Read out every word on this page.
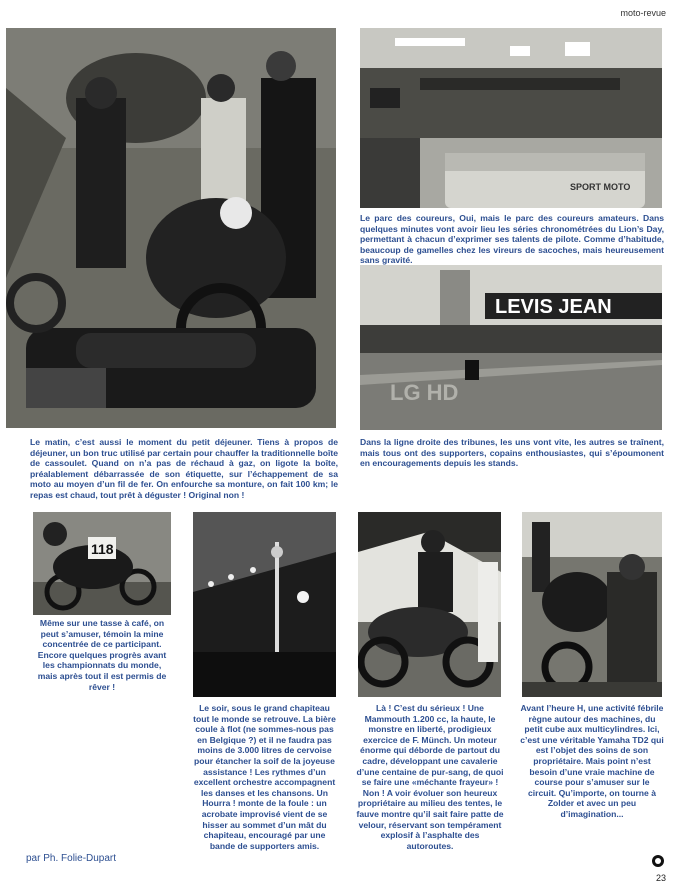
moto-revue
SPORT MOTO

Le parc des coureurs, Oui, mais le parc des coureurs amateurs. Dans quelques minutes vont avoir lieu les séries chronométrées du Lion’s Day, permettant à chacun d’exprimer ses talents de pilote. Comme d’habitude, beaucoup de gamelles chez les vireurs de sacoches, mais heureusement sans gravité.

LEVIS JEAN
LG HD

Dans la ligne droite des tribunes, les uns vont vite, les autres se traînent, mais tous ont des supporters, copains enthousiastes, qui s’époumonent en encouragements depuis les stands.

Le matin, c’est aussi le moment du petit déjeuner. Tiens à propos de déjeuner, un bon truc utilisé par certain pour chauffer la traditionnelle boîte de cassoulet. Quand on n’a pas de réchaud à gaz, on ligote la boîte, préalablement débarrassée de son étiquette, sur l’échappement de sa moto au moyen d’un fil de fer. On enfourche sa monture, on fait 100 km; le repas est chaud, tout prêt à déguster ! Original non !

118

Même sur une tasse à café, on peut s’amuser, témoin la mine concentrée de ce participant. Encore quelques progrès avant les championnats du monde, mais après tout il est permis de rêver !

Le soir, sous le grand chapiteau tout le monde se retrouve. La bière coule à flot (ne sommes-nous pas en Belgique ?) et il ne faudra pas moins de 3.000 litres de cervoise pour étancher la soif de la joyeuse assistance ! Les rythmes d’un excellent orchestre accompagnent les danses et les chansons. Un Hourra ! monte de la foule : un acrobate improvisé vient de se hisser au sommet d’un mât du chapiteau, encouragé par une bande de supporters amis.

Là ! C’est du sérieux ! Une Mammouth 1.200 cc, la haute, le monstre en liberté, prodigieux exercice de F. Münch. Un moteur énorme qui déborde de partout du cadre, développant une cavalerie d’une centaine de pur-sang, de quoi se faire une «méchante frayeur» ! Non ! A voir évoluer son heureux propriétaire au milieu des tentes, le fauve montre qu’il sait faire patte de velour, réservant son tempérament explosif à l’asphalte des autoroutes.

Avant l’heure H, une activité fébrile règne autour des machines, du petit cube aux multicylindres. Ici, c’est une véritable Yamaha TD2 qui est l’objet des soins de son propriétaire. Mais point n’est besoin d’une vraie machine de course pour s’amuser sur le circuit. Qu’importe, on tourne à Zolder et avec un peu d’imagination...

par Ph. Folie-Dupart
23
